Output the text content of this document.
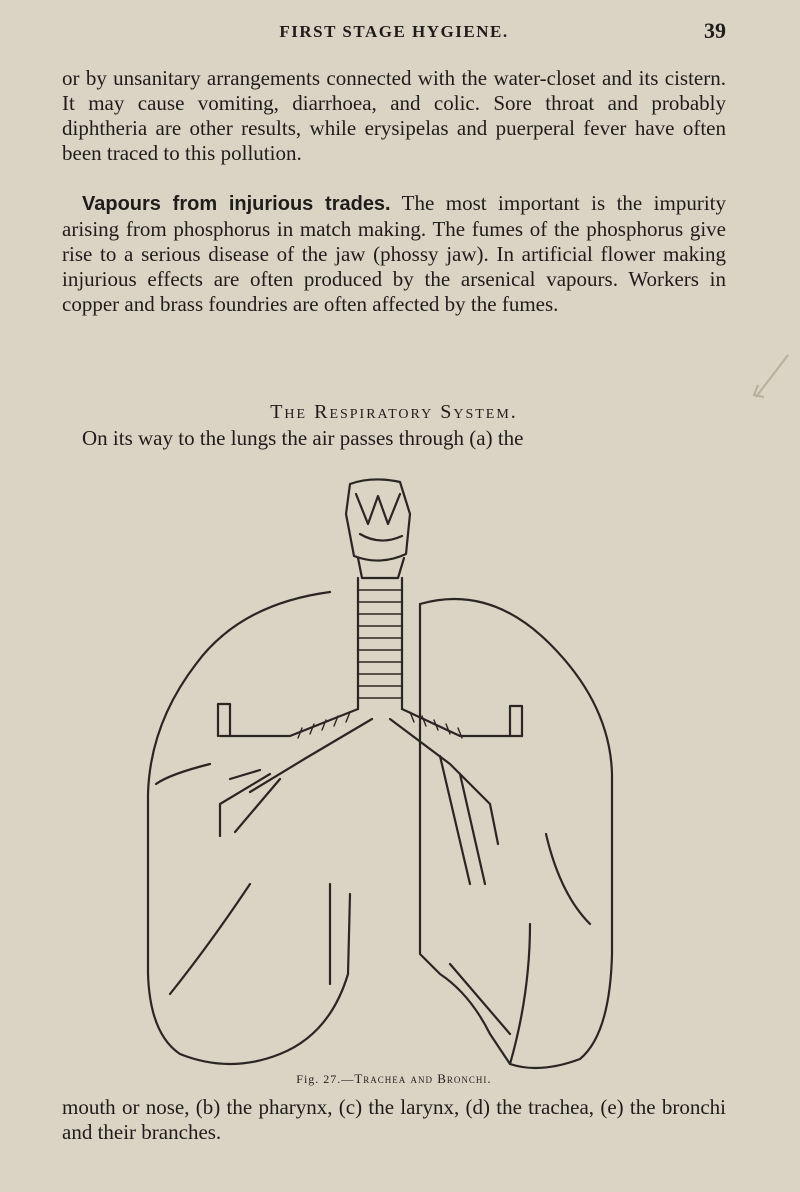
FIRST STAGE HYGIENE.	39

or by unsanitary arrangements connected with the water-closet and its cistern. It may cause vomiting, diarrhoea, and colic. Sore throat and probably diphtheria are other results, while erysipelas and puerperal fever have often been traced to this pollution.

Vapours from injurious trades. The most important is the impurity arising from phosphorus in match making. The fumes of the phosphorus give rise to a serious disease of the jaw (phossy jaw). In artificial flower making injurious effects are often produced by the arsenical vapours. Workers in copper and brass foundries are often affected by the fumes.

The Respiratory System.

On its way to the lungs the air passes through (a) the

Fig. 27.—Trachea and Bronchi.

mouth or nose, (b) the pharynx, (c) the larynx, (d) the trachea, (e) the bronchi and their branches.
